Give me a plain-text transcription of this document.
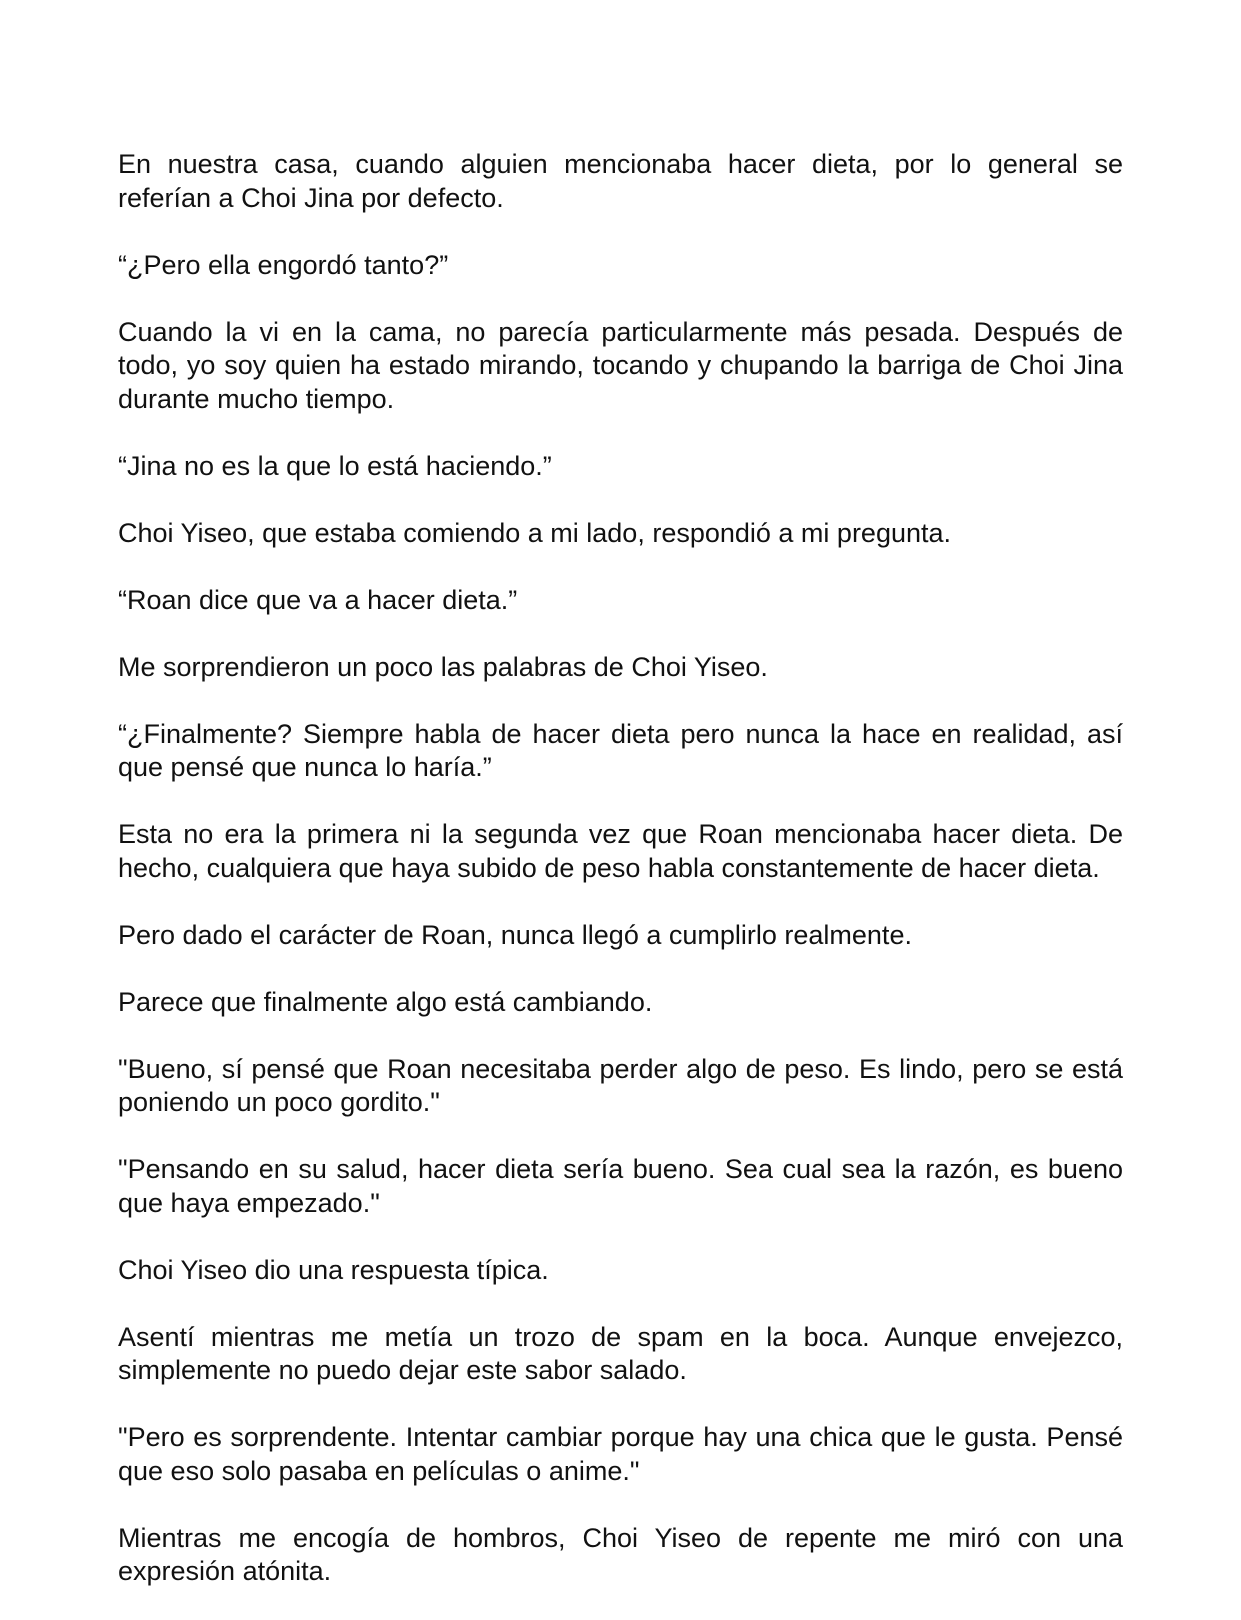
En nuestra casa, cuando alguien mencionaba hacer dieta, por lo general se referían a Choi Jina por defecto.

“¿Pero ella engordó tanto?”

Cuando la vi en la cama, no parecía particularmente más pesada. Después de todo, yo soy quien ha estado mirando, tocando y chupando la barriga de Choi Jina durante mucho tiempo.

“Jina no es la que lo está haciendo.”

Choi Yiseo, que estaba comiendo a mi lado, respondió a mi pregunta.

“Roan dice que va a hacer dieta.”

Me sorprendieron un poco las palabras de Choi Yiseo.

“¿Finalmente? Siempre habla de hacer dieta pero nunca la hace en realidad, así que pensé que nunca lo haría.”

Esta no era la primera ni la segunda vez que Roan mencionaba hacer dieta. De hecho, cualquiera que haya subido de peso habla constantemente de hacer dieta.

Pero dado el carácter de Roan, nunca llegó a cumplirlo realmente.

Parece que finalmente algo está cambiando.

"Bueno, sí pensé que Roan necesitaba perder algo de peso. Es lindo, pero se está poniendo un poco gordito."

"Pensando en su salud, hacer dieta sería bueno. Sea cual sea la razón, es bueno que haya empezado."

Choi Yiseo dio una respuesta típica.

Asentí mientras me metía un trozo de spam en la boca. Aunque envejezco, simplemente no puedo dejar este sabor salado.

"Pero es sorprendente. Intentar cambiar porque hay una chica que le gusta. Pensé que eso solo pasaba en películas o anime."

Mientras me encogía de hombros, Choi Yiseo de repente me miró con una expresión atónita.
